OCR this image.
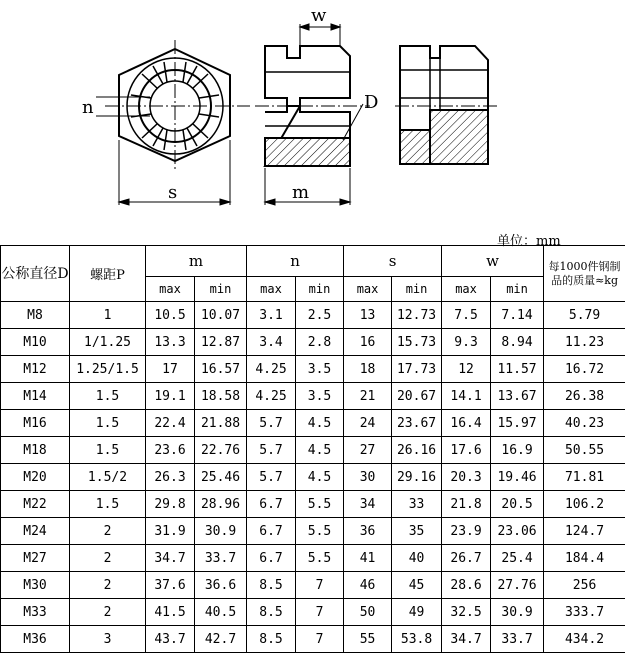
w
n	D
s	m
单位：mm
公称直径D	螺距P	m		n		s		w		每1000件钢制品的质量≈kg
		max	min	max	min	max	min	max	min	
M8	1	10.5	10.07	3.1	2.5	13	12.73	7.5	7.14	5.79
M10	1/1.25	13.3	12.87	3.4	2.8	16	15.73	9.3	8.94	11.23
M12	1.25/1.5	17	16.57	4.25	3.5	18	17.73	12	11.57	16.72
M14	1.5	19.1	18.58	4.25	3.5	21	20.67	14.1	13.67	26.38
M16	1.5	22.4	21.88	5.7	4.5	24	23.67	16.4	15.97	40.23
M18	1.5	23.6	22.76	5.7	4.5	27	26.16	17.6	16.9	50.55
M20	1.5/2	26.3	25.46	5.7	4.5	30	29.16	20.3	19.46	71.81
M22	1.5	29.8	28.96	6.7	5.5	34	33	21.8	20.5	106.2
M24	2	31.9	30.9	6.7	5.5	36	35	23.9	23.06	124.7
M27	2	34.7	33.7	6.7	5.5	41	40	26.7	25.4	184.4
M30	2	37.6	36.6	8.5	7	46	45	28.6	27.76	256
M33	2	41.5	40.5	8.5	7	50	49	32.5	30.9	333.7
M36	3	43.7	42.7	8.5	7	55	53.8	34.7	33.7	434.2
